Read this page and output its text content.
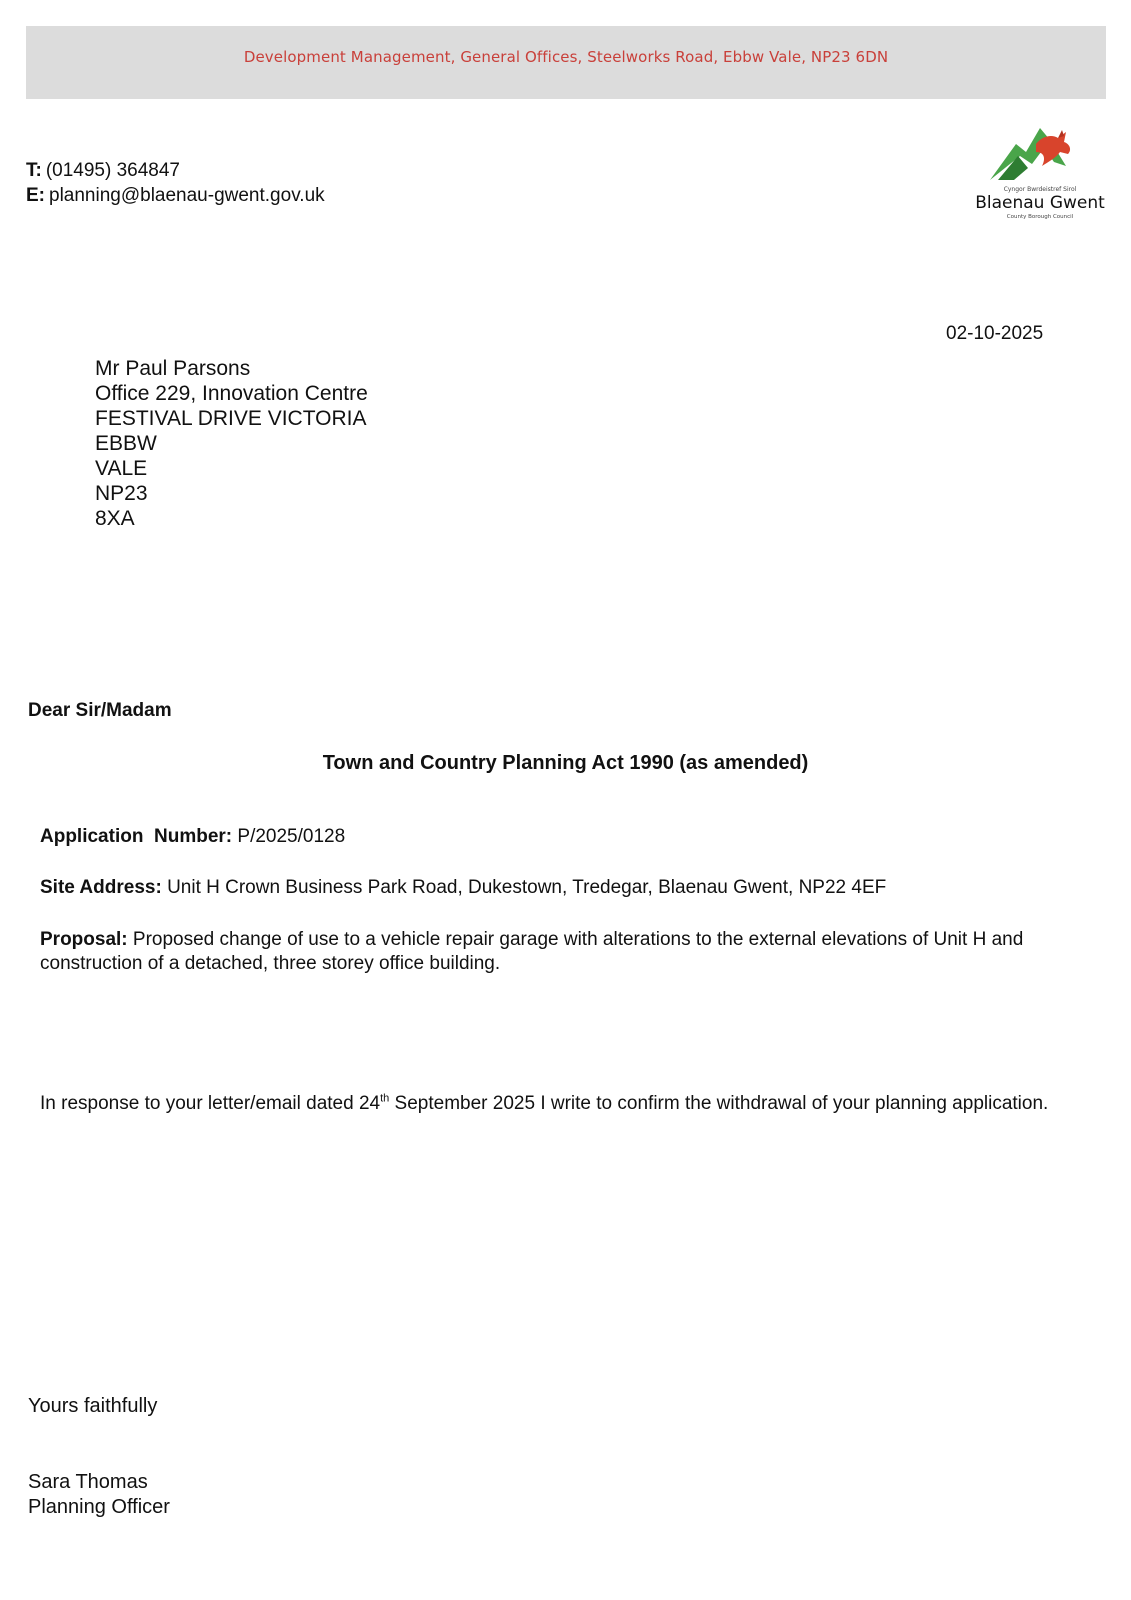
Development Management, General Offices, Steelworks Road, Ebbw Vale, NP23 6DN
T: (01495) 364847
E: planning@blaenau-gwent.gov.uk	Cyngor Bwrdeistref Sirol
Blaenau Gwent
County Borough Council
02-10-2025
Mr Paul Parsons
Office 229, Innovation Centre
FESTIVAL DRIVE VICTORIA
EBBW
VALE
NP23
8XA
Dear Sir/Madam
Town and Country Planning Act 1990 (as amended)
Application  Number: P/2025/0128
Site Address: Unit H Crown Business Park Road, Dukestown, Tredegar, Blaenau Gwent, NP22 4EF
Proposal: Proposed change of use to a vehicle repair garage with alterations to the external elevations of Unit H and construction of a detached, three storey office building.
In response to your letter/email dated 24th September 2025 I write to confirm the withdrawal of your planning application.
Yours faithfully
Sara Thomas
Planning Officer
